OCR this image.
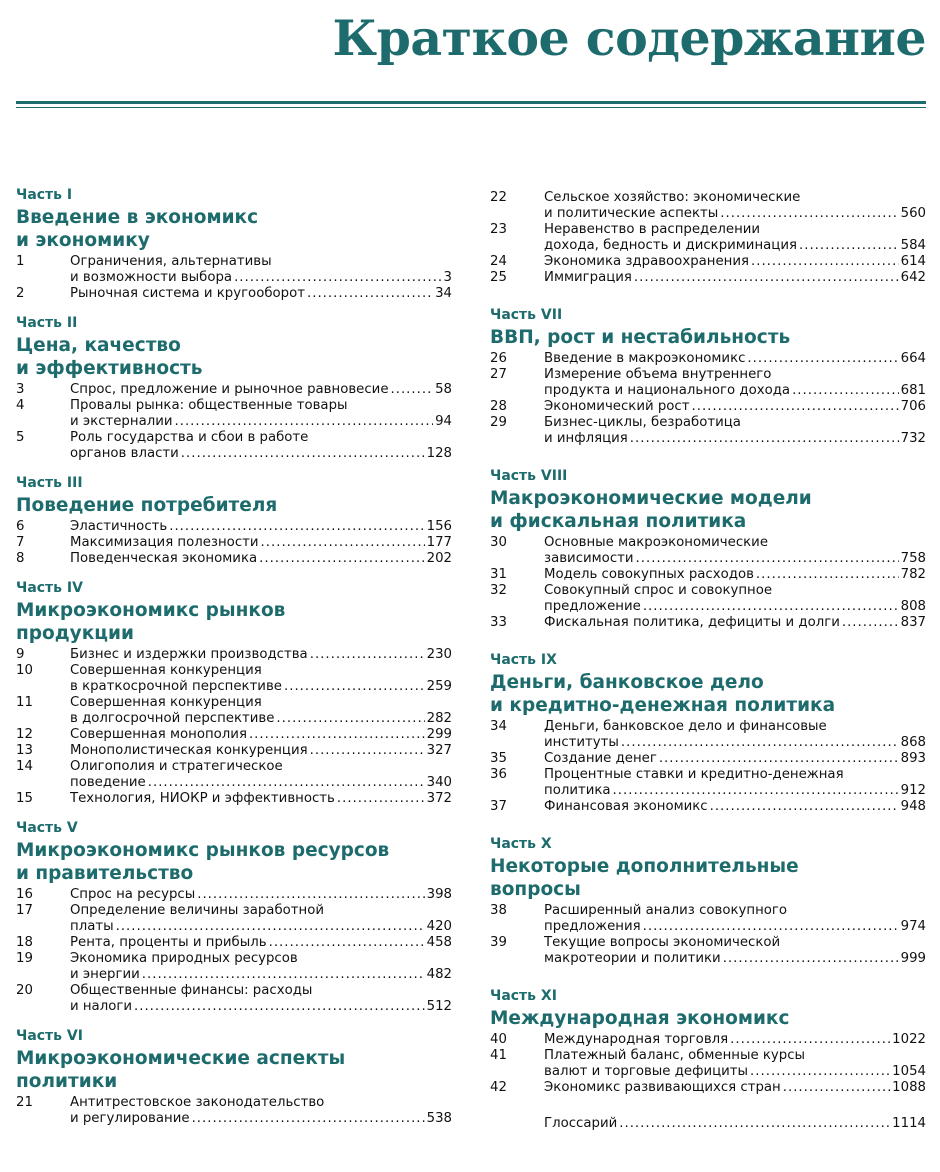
Краткое содержание
Часть I
Введение в экономикс
и экономику
1	Ограничения, альтернативы
и возможности выбора .....	3
2	Рыночная система и кругооборот .....	34
Часть II
Цена, качество
и эффективность
3	Спрос, предложение и рыночное равновесие .....	58
4	Провалы рынка: общественные товары
и экстерналии .....	94
5	Роль государства и сбои в работе
органов власти .....	128
Часть III
Поведение потребителя
6	Эластичность .....	156
7	Максимизация полезности .....	177
8	Поведенческая экономика .....	202
Часть IV
Микроэкономикс рынков
продукции
9	Бизнес и издержки производства .....	230
10	Совершенная конкуренция
в краткосрочной перспективе .....	259
11	Совершенная конкуренция
в долгосрочной перспективе .....	282
12	Совершенная монополия .....	299
13	Монополистическая конкуренция .....	327
14	Олигополия и стратегическое
поведение .....	340
15	Технология, НИОКР и эффективность .....	372
Часть V
Микроэкономикс рынков ресурсов
и правительство
16	Спрос на ресурсы .....	398
17	Определение величины заработной
платы .....	420
18	Рента, проценты и прибыль .....	458
19	Экономика природных ресурсов
и энергии .....	482
20	Общественные финансы: расходы
и налоги .....	512
Часть VI
Микроэкономические аспекты
политики
21	Антитрестовское законодательство
и регулирование .....	538
22	Сельское хозяйство: экономические
и политические аспекты .....	560
23	Неравенство в распределении
дохода, бедность и дискриминация .....	584
24	Экономика здравоохранения .....	614
25	Иммиграция .....	642
Часть VII
ВВП, рост и нестабильность
26	Введение в макроэкономикс .....	664
27	Измерение объема внутреннего
продукта и национального дохода .....	681
28	Экономический рост .....	706
29	Бизнес-циклы, безработица
и инфляция .....	732
Часть VIII
Макроэкономические модели
и фискальная политика
30	Основные макроэкономические
зависимости .....	758
31	Модель совокупных расходов .....	782
32	Совокупный спрос и совокупное
предложение .....	808
33	Фискальная политика, дефициты и долги .....	837
Часть IX
Деньги, банковское дело
и кредитно-денежная политика
34	Деньги, банковское дело и финансовые
институты .....	868
35	Создание денег .....	893
36	Процентные ставки и кредитно-денежная
политика .....	912
37	Финансовая экономикс .....	948
Часть X
Некоторые дополнительные
вопросы
38	Расширенный анализ совокупного
предложения .....	974
39	Текущие вопросы экономической
макротеории и политики .....	999
Часть XI
Международная экономикс
40	Международная торговля .....	1022
41	Платежный баланс, обменные курсы
валют и торговые дефициты .....	1054
42	Экономикс развивающихся стран .....	1088
Глоссарий .....	1114
